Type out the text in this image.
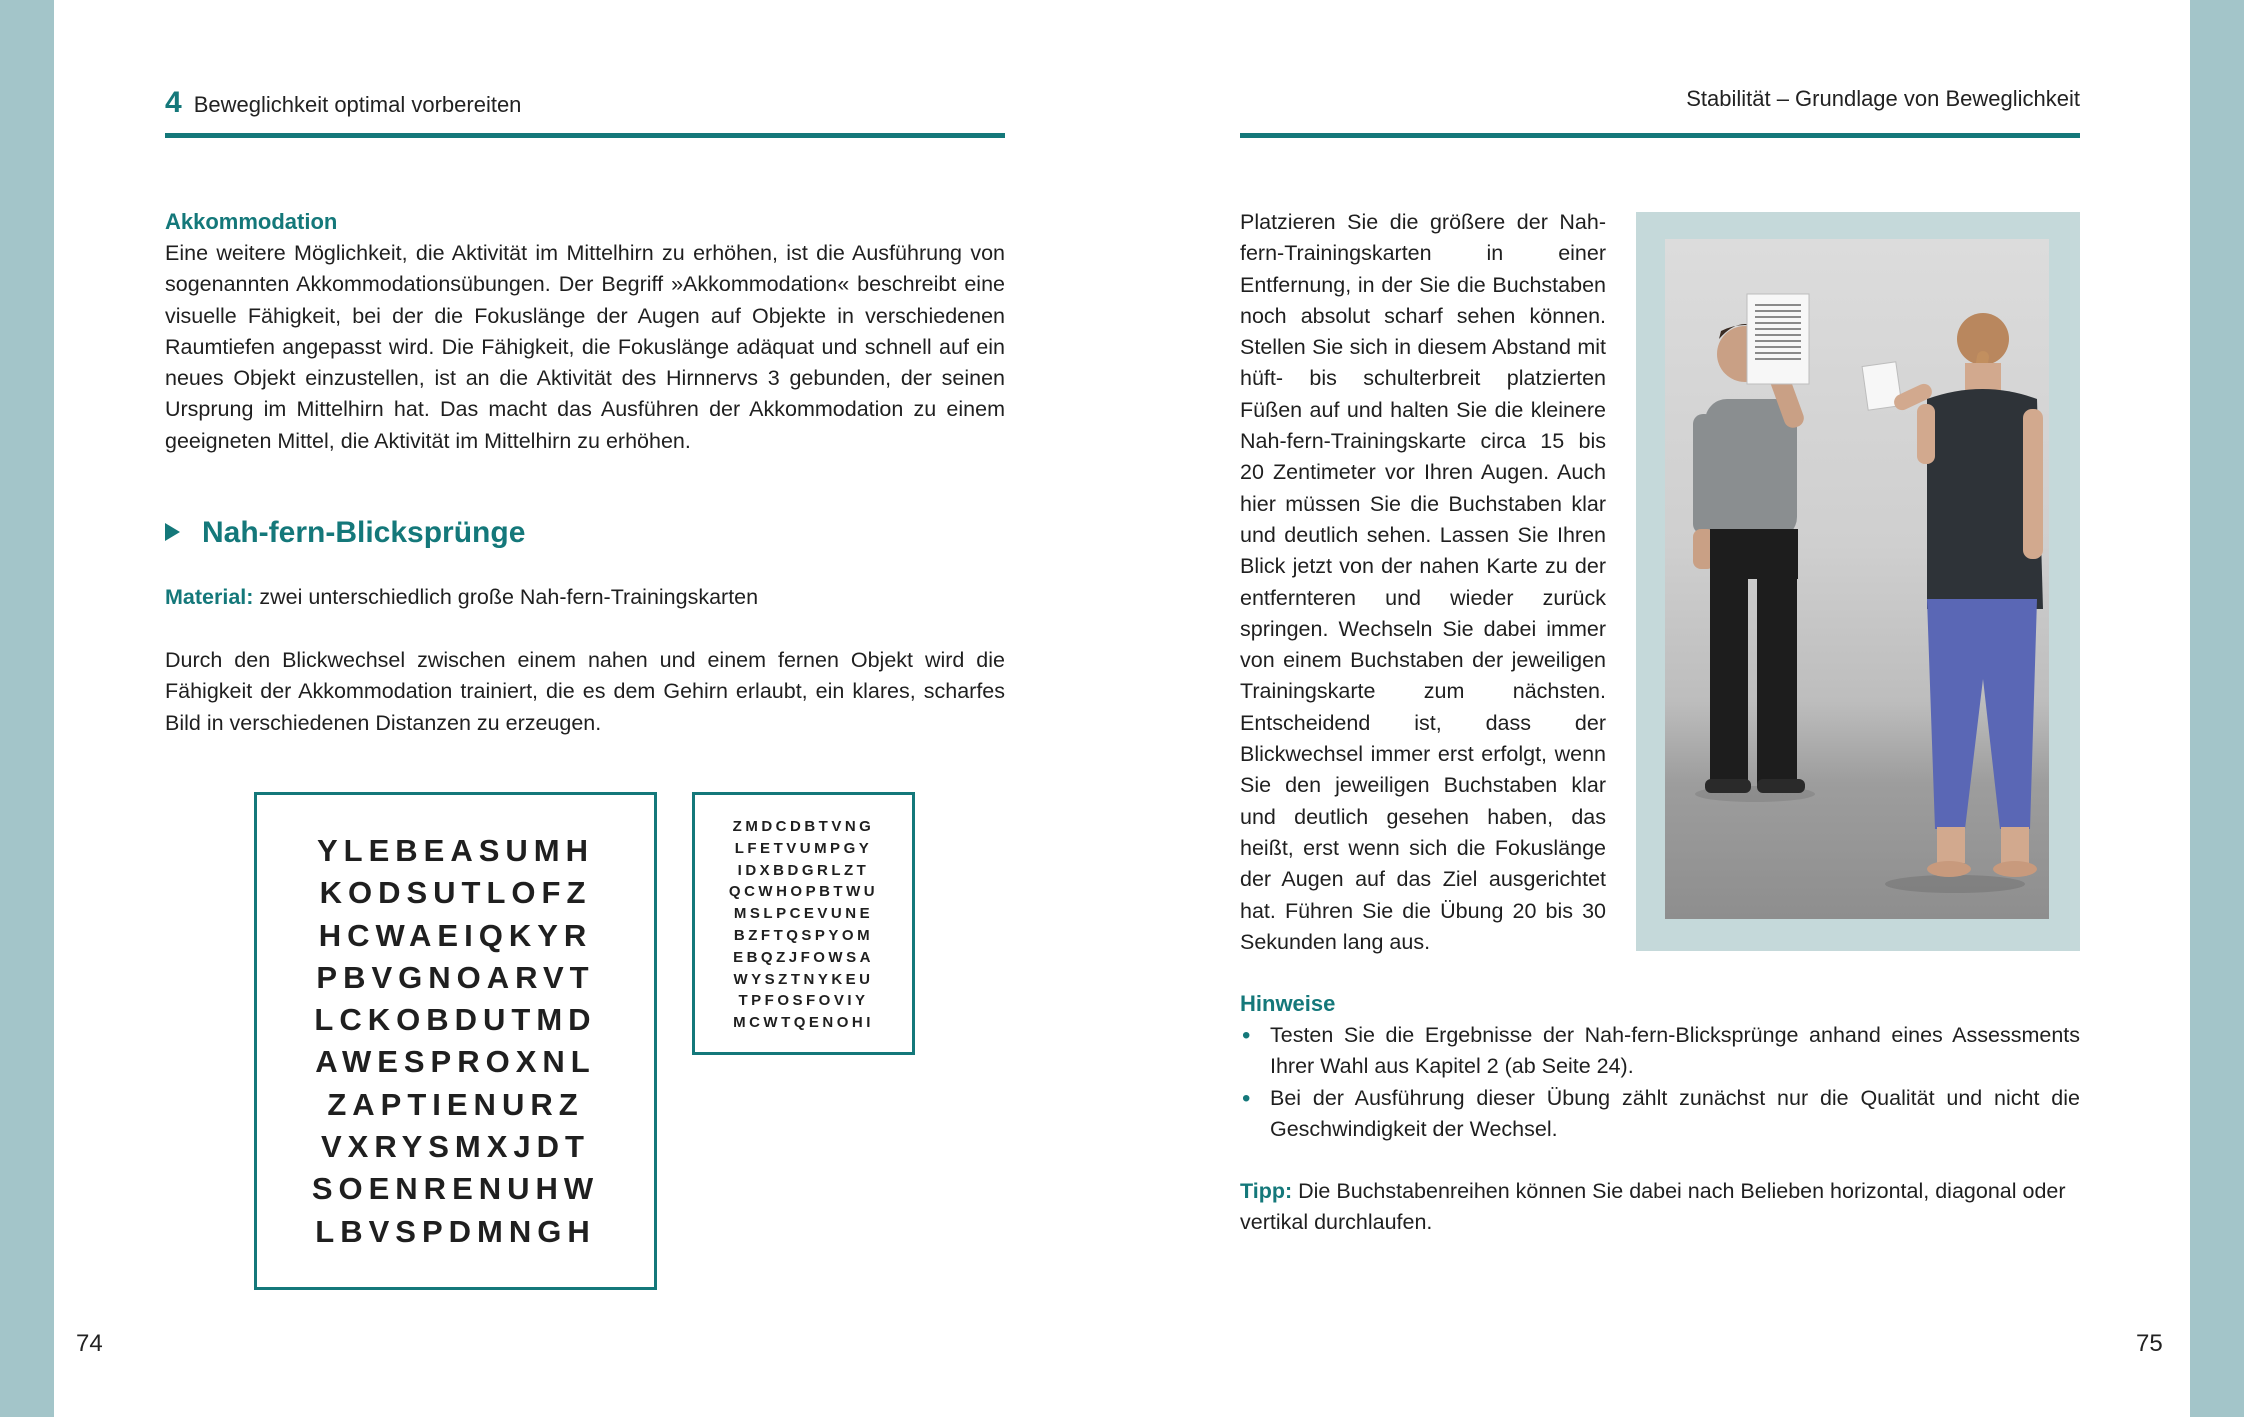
4 Beweglichkeit optimal vorbereiten
Akkommodation

Eine weitere Möglichkeit, die Aktivität im Mittelhirn zu erhöhen, ist die Ausführung von sogenannten Akkommodationsübungen. Der Begriff »Akkommodation« beschreibt eine visuelle Fähigkeit, bei der die Fokuslänge der Augen auf Objekte in verschiedenen Raumtiefen angepasst wird. Die Fähigkeit, die Fokuslänge adäquat und schnell auf ein neues Objekt einzustellen, ist an die Aktivität des Hirnnervs 3 gebunden, der seinen Ursprung im Mittelhirn hat. Das macht das Ausführen der Akkommodation zu einem geeigneten Mittel, die Aktivität im Mittelhirn zu erhöhen.

Nah-fern-Blicksprünge

Material: zwei unterschiedlich große Nah-fern-Trainingskarten

Durch den Blickwechsel zwischen einem nahen und einem fernen Objekt wird die Fähigkeit der Akkommodation trainiert, die es dem Gehirn erlaubt, ein klares, scharfes Bild in verschiedenen Distanzen zu erzeugen.

YLEBEASUMH
KODSUTLOFZ
HCWAEIQKYR
PBVGNOARVT
LCKOBDUTMD
AWESPROXNL
ZAPTIENURZ
VXRYSMXJDT
SOENRENUHW
LBVSPDMNGH
ZMDCDBTVNG
LFETVUMPGY
IDXBDGRLZT
QCWHOPBTWU
MSLPCEVUNE
BZFTQSPYOM
EBQZJFOWSA
WYSZTNYKEU
TPFOSFOVIY
MCWTQENOHI
74
Stabilität – Grundlage von Beweglichkeit

Platzieren Sie die größere der Nah-fern-Trainingskarten in einer Entfernung, in der Sie die Buchstaben noch absolut scharf sehen können. Stellen Sie sich in diesem Abstand mit hüft- bis schulterbreit platzierten Füßen auf und halten Sie die kleinere Nah-fern-Trainingskarte circa 15 bis 20 Zentimeter vor Ihren Augen. Auch hier müssen Sie die Buchstaben klar und deutlich sehen. Lassen Sie Ihren Blick jetzt von der nahen Karte zu der entfernteren und wieder zurück springen. Wechseln Sie dabei immer von einem Buchstaben der jeweiligen Trainingskarte zum nächsten. Entscheidend ist, dass der Blickwechsel immer erst erfolgt, wenn Sie den jeweiligen Buchstaben klar und deutlich gesehen haben, das heißt, erst wenn sich die Fokuslänge der Augen auf das Ziel ausgerichtet hat. Führen Sie die Übung 20 bis 30 Sekunden lang aus.

Hinweise
• Testen Sie die Ergebnisse der Nah-fern-Blicksprünge anhand eines Assessments Ihrer Wahl aus Kapitel 2 (ab Seite 24).
• Bei der Ausführung dieser Übung zählt zunächst nur die Qualität und nicht die Geschwindigkeit der Wechsel.

Tipp: Die Buchstabenreihen können Sie dabei nach Belieben horizontal, diagonal oder vertikal durchlaufen.

75
